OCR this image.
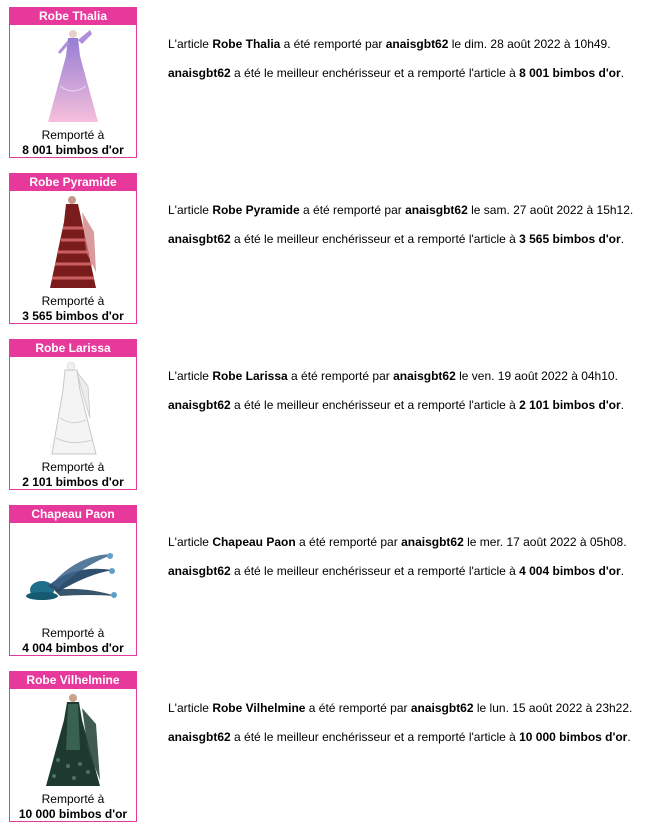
Robe Thalia
Remporté à
8 001 bimbos d'or
L'article Robe Thalia a été remporté par anaisgbt62 le dim. 28 août 2022 à 10h49.
anaisgbt62 a été le meilleur enchérisseur et a remporté l'article à 8 001 bimbos d'or.
Robe Pyramide
Remporté à
3 565 bimbos d'or
L'article Robe Pyramide a été remporté par anaisgbt62 le sam. 27 août 2022 à 15h12.
anaisgbt62 a été le meilleur enchérisseur et a remporté l'article à 3 565 bimbos d'or.
Robe Larissa
Remporté à
2 101 bimbos d'or
L'article Robe Larissa a été remporté par anaisgbt62 le ven. 19 août 2022 à 04h10.
anaisgbt62 a été le meilleur enchérisseur et a remporté l'article à 2 101 bimbos d'or.
Chapeau Paon
Remporté à
4 004 bimbos d'or
L'article Chapeau Paon a été remporté par anaisgbt62 le mer. 17 août 2022 à 05h08.
anaisgbt62 a été le meilleur enchérisseur et a remporté l'article à 4 004 bimbos d'or.
Robe Vilhelmine
Remporté à
10 000 bimbos d'or
L'article Robe Vilhelmine a été remporté par anaisgbt62 le lun. 15 août 2022 à 23h22.
anaisgbt62 a été le meilleur enchérisseur et a remporté l'article à 10 000 bimbos d'or.
